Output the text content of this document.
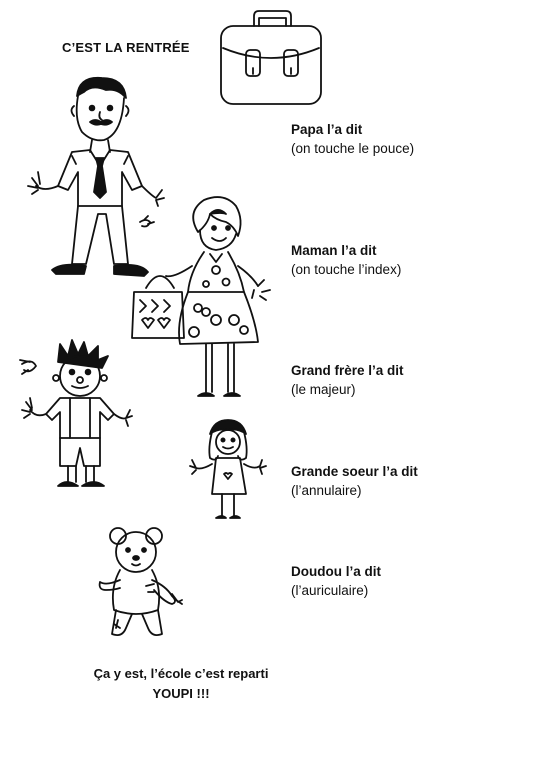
C’EST LA RENTRÉE
Papa l’a dit
(on touche le pouce)
Maman l’a dit
(on touche l’index)
Grand frère l’a dit
(le majeur)
Grande soeur l’a dit
(l’annulaire)
Doudou l’a dit
(l’auriculaire)
Ça y est, l’école c’est reparti
YOUPI !!!
